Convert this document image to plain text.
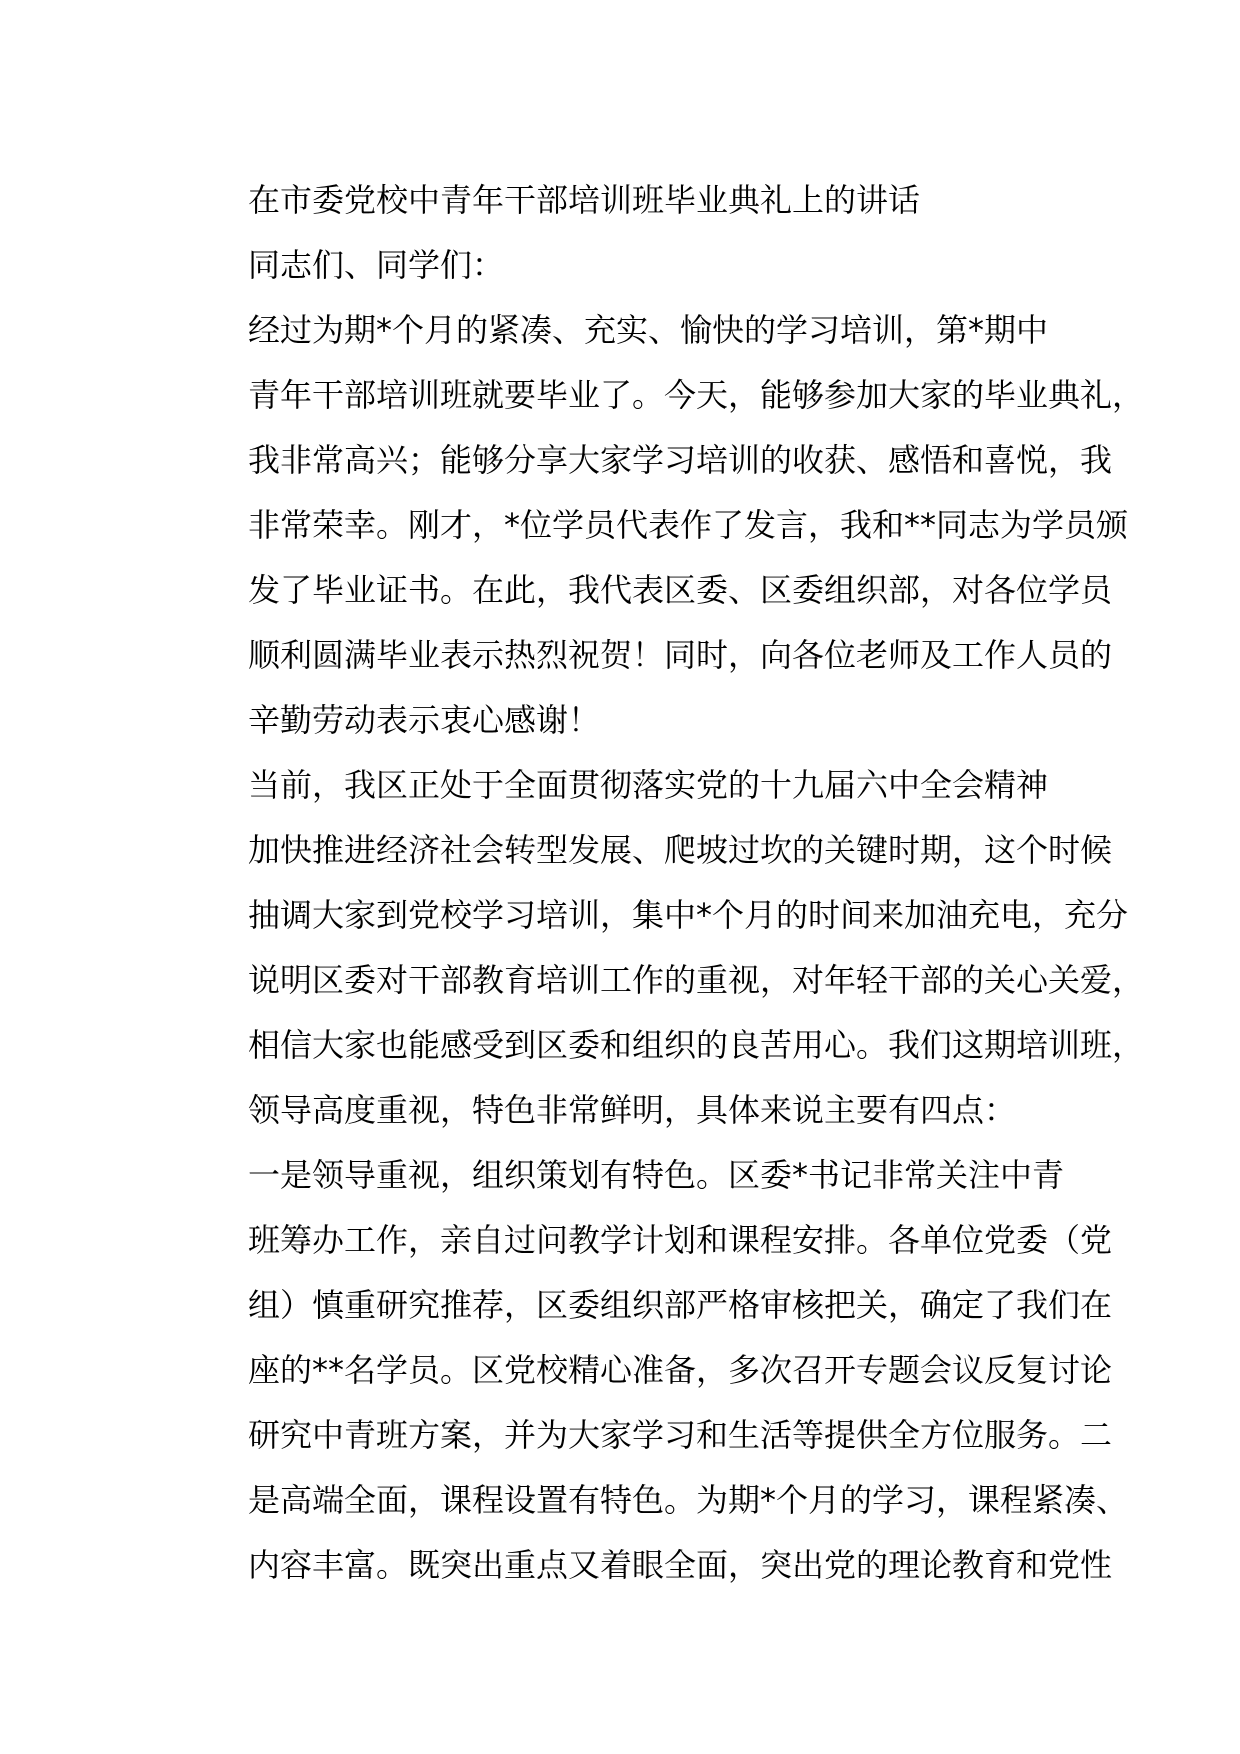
在市委党校中青年干部培训班毕业典礼上的讲话

同志们、同学们：

经过为期*个月的紧凑、充实、愉快的学习培训，第*期中
青年干部培训班就要毕业了。今天，能够参加大家的毕业典礼，
我非常高兴；能够分享大家学习培训的收获、感悟和喜悦，我
非常荣幸。刚才，*位学员代表作了发言，我和**同志为学员颁
发了毕业证书。在此，我代表区委、区委组织部，对各位学员
顺利圆满毕业表示热烈祝贺！同时，向各位老师及工作人员的
辛勤劳动表示衷心感谢！

当前，我区正处于全面贯彻落实党的十九届六中全会精神
加快推进经济社会转型发展、爬坡过坎的关键时期，这个时候
抽调大家到党校学习培训，集中*个月的时间来加油充电，充分
说明区委对干部教育培训工作的重视，对年轻干部的关心关爱，
相信大家也能感受到区委和组织的良苦用心。我们这期培训班，
领导高度重视，特色非常鲜明，具体来说主要有四点：

一是领导重视，组织策划有特色。区委*书记非常关注中青
班筹办工作，亲自过问教学计划和课程安排。各单位党委（党
组）慎重研究推荐，区委组织部严格审核把关，确定了我们在
座的**名学员。区党校精心准备，多次召开专题会议反复讨论
研究中青班方案，并为大家学习和生活等提供全方位服务。二
是高端全面，课程设置有特色。为期*个月的学习，课程紧凑、
内容丰富。既突出重点又着眼全面，突出党的理论教育和党性
